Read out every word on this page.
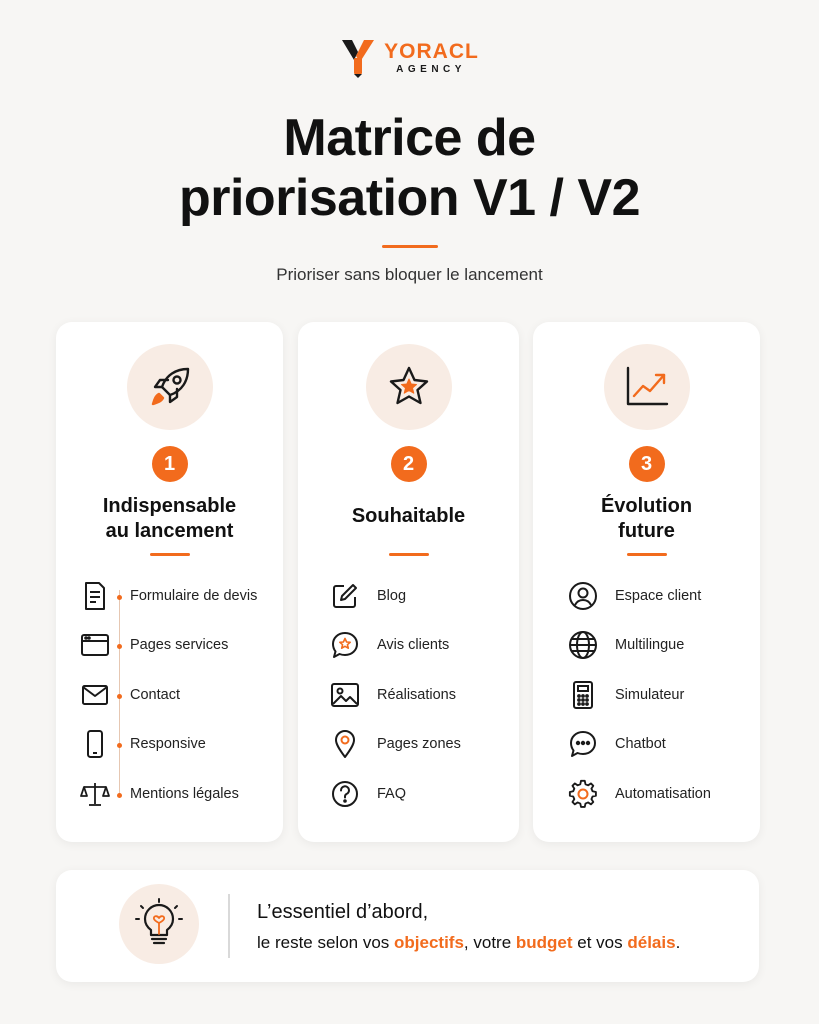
YORACL
AGENCY
Matrice de
priorisation V1 / V2
Prioriser sans bloquer le lancement
1
Indispensable
au lancement
Formulaire de devis
Pages services
Contact
Responsive
Mentions légales
2
Souhaitable
Blog
Avis clients
Réalisations
Pages zones
FAQ
3
Évolution
future
Espace client
Multilingue
Simulateur
Chatbot
Automatisation
L’essentiel d’abord,
le reste selon vos objectifs, votre budget et vos délais.
